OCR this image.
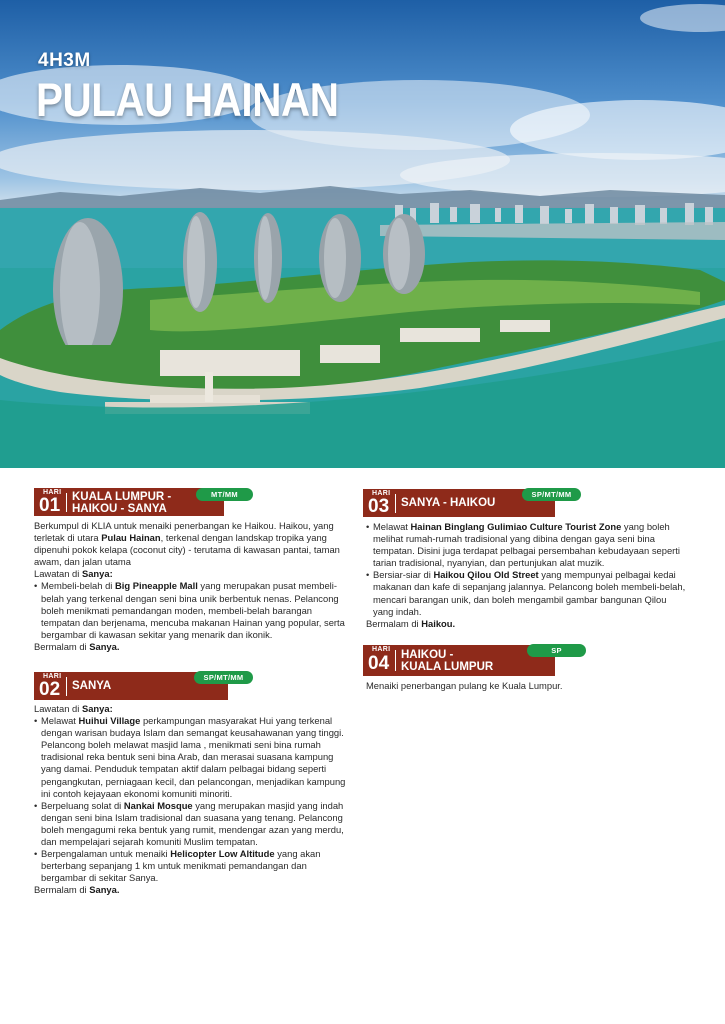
4H3M
PULAU HAINAN
HARI
01 KUALA LUMPUR -
HAIKOU - SANYA
MT/MM

Berkumpul di KLIA untuk menaiki penerbangan ke Haikou. Haikou, yang terletak di utara Pulau Hainan, terkenal dengan landskap tropika yang dipenuhi pokok kelapa (coconut city) - terutama di kawasan pantai, taman awam, dan jalan utama

Lawatan di Sanya:

• Membeli-belah di Big Pineapple Mall yang merupakan pusat membeli-belah yang terkenal dengan seni bina unik berbentuk nenas. Pelancong boleh menikmati pemandangan moden, membeli-belah barangan tempatan dan berjenama, mencuba makanan Hainan yang popular, serta bergambar di kawasan sekitar yang menarik dan ikonik.

Bermalam di Sanya.

HARI
02 SANYA
SP/MT/MM

Lawatan di Sanya:

• Melawat Huihui Village perkampungan masyarakat Hui yang terkenal dengan warisan budaya Islam dan semangat keusahawanan yang tinggi. Pelancong boleh melawat masjid lama , menikmati seni bina rumah tradisional reka bentuk seni bina Arab, dan merasai suasana kampung yang damai. Penduduk tempatan aktif dalam pelbagai bidang seperti pengangkutan, perniagaan kecil, dan pelancongan, menjadikan kampung ini contoh kejayaan ekonomi komuniti minoriti.
• Berpeluang solat di Nankai Mosque yang merupakan masjid yang indah dengan seni bina Islam tradisional dan suasana yang tenang. Pelancong boleh mengagumi reka bentuk yang rumit, mendengar azan yang merdu, dan mempelajari sejarah komuniti Muslim tempatan.
• Berpengalaman untuk menaiki Helicopter Low Altitude yang akan berterbang sepanjang 1 km untuk menikmati pemandangan dan bergambar di sekitar Sanya.

Bermalam di Sanya.

HARI
03 SANYA - HAIKOU
SP/MT/MM
• Melawat Hainan Binglang Gulimiao Culture Tourist Zone yang boleh melihat rumah-rumah tradisional yang dibina dengan gaya seni bina tempatan. Disini juga terdapat pelbagai persembahan kebudayaan seperti tarian tradisional, nyanyian, dan pertunjukan alat muzik.
• Bersiar-siar di Haikou Qilou Old Street yang mempunyai pelbagai kedai makanan dan kafe di sepanjang jalannya. Pelancong boleh membeli-belah, mencari barangan unik, dan boleh mengambil gambar bangunan Qilou yang indah.

Bermalam di Haikou.

HARI
04 HAIKOU -
KUALA LUMPUR
SP

Menaiki penerbangan pulang ke Kuala Lumpur.
